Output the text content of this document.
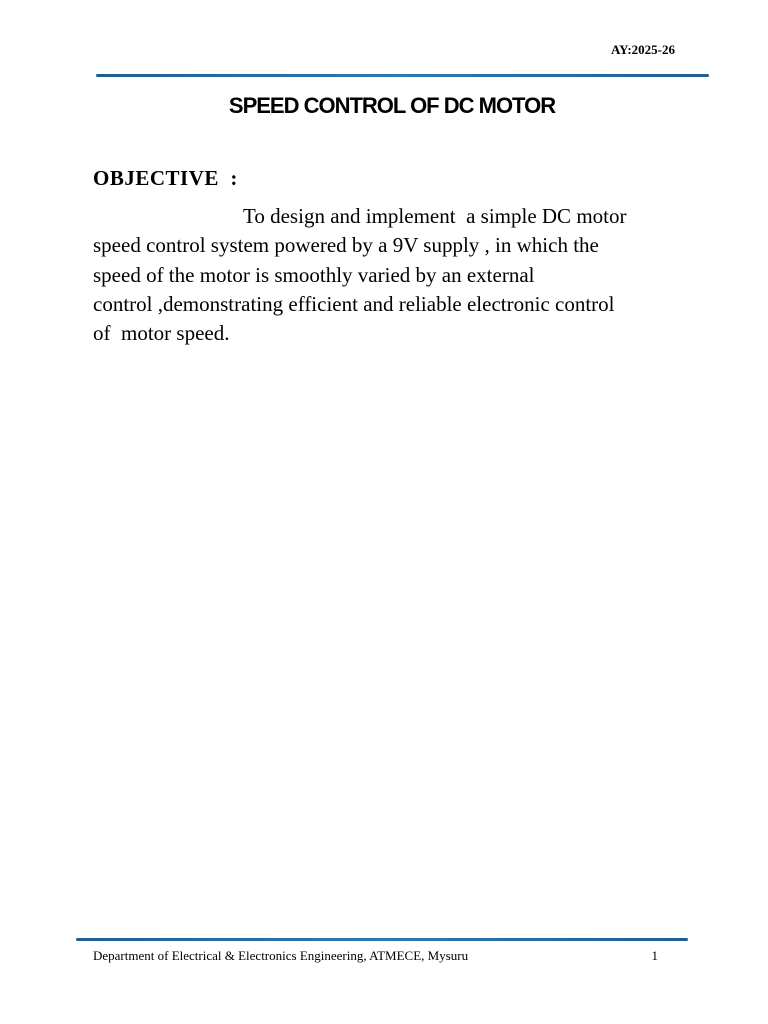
AY:2025-26
SPEED CONTROL OF DC MOTOR
OBJECTIVE  :

To design and implement  a simple DC motor
speed control system powered by a 9V supply , in which the
speed of the motor is smoothly varied by an external
control ,demonstrating efficient and reliable electronic control
of  motor speed.

Department of Electrical & Electronics Engineering, ATMECE, Mysuru	1
